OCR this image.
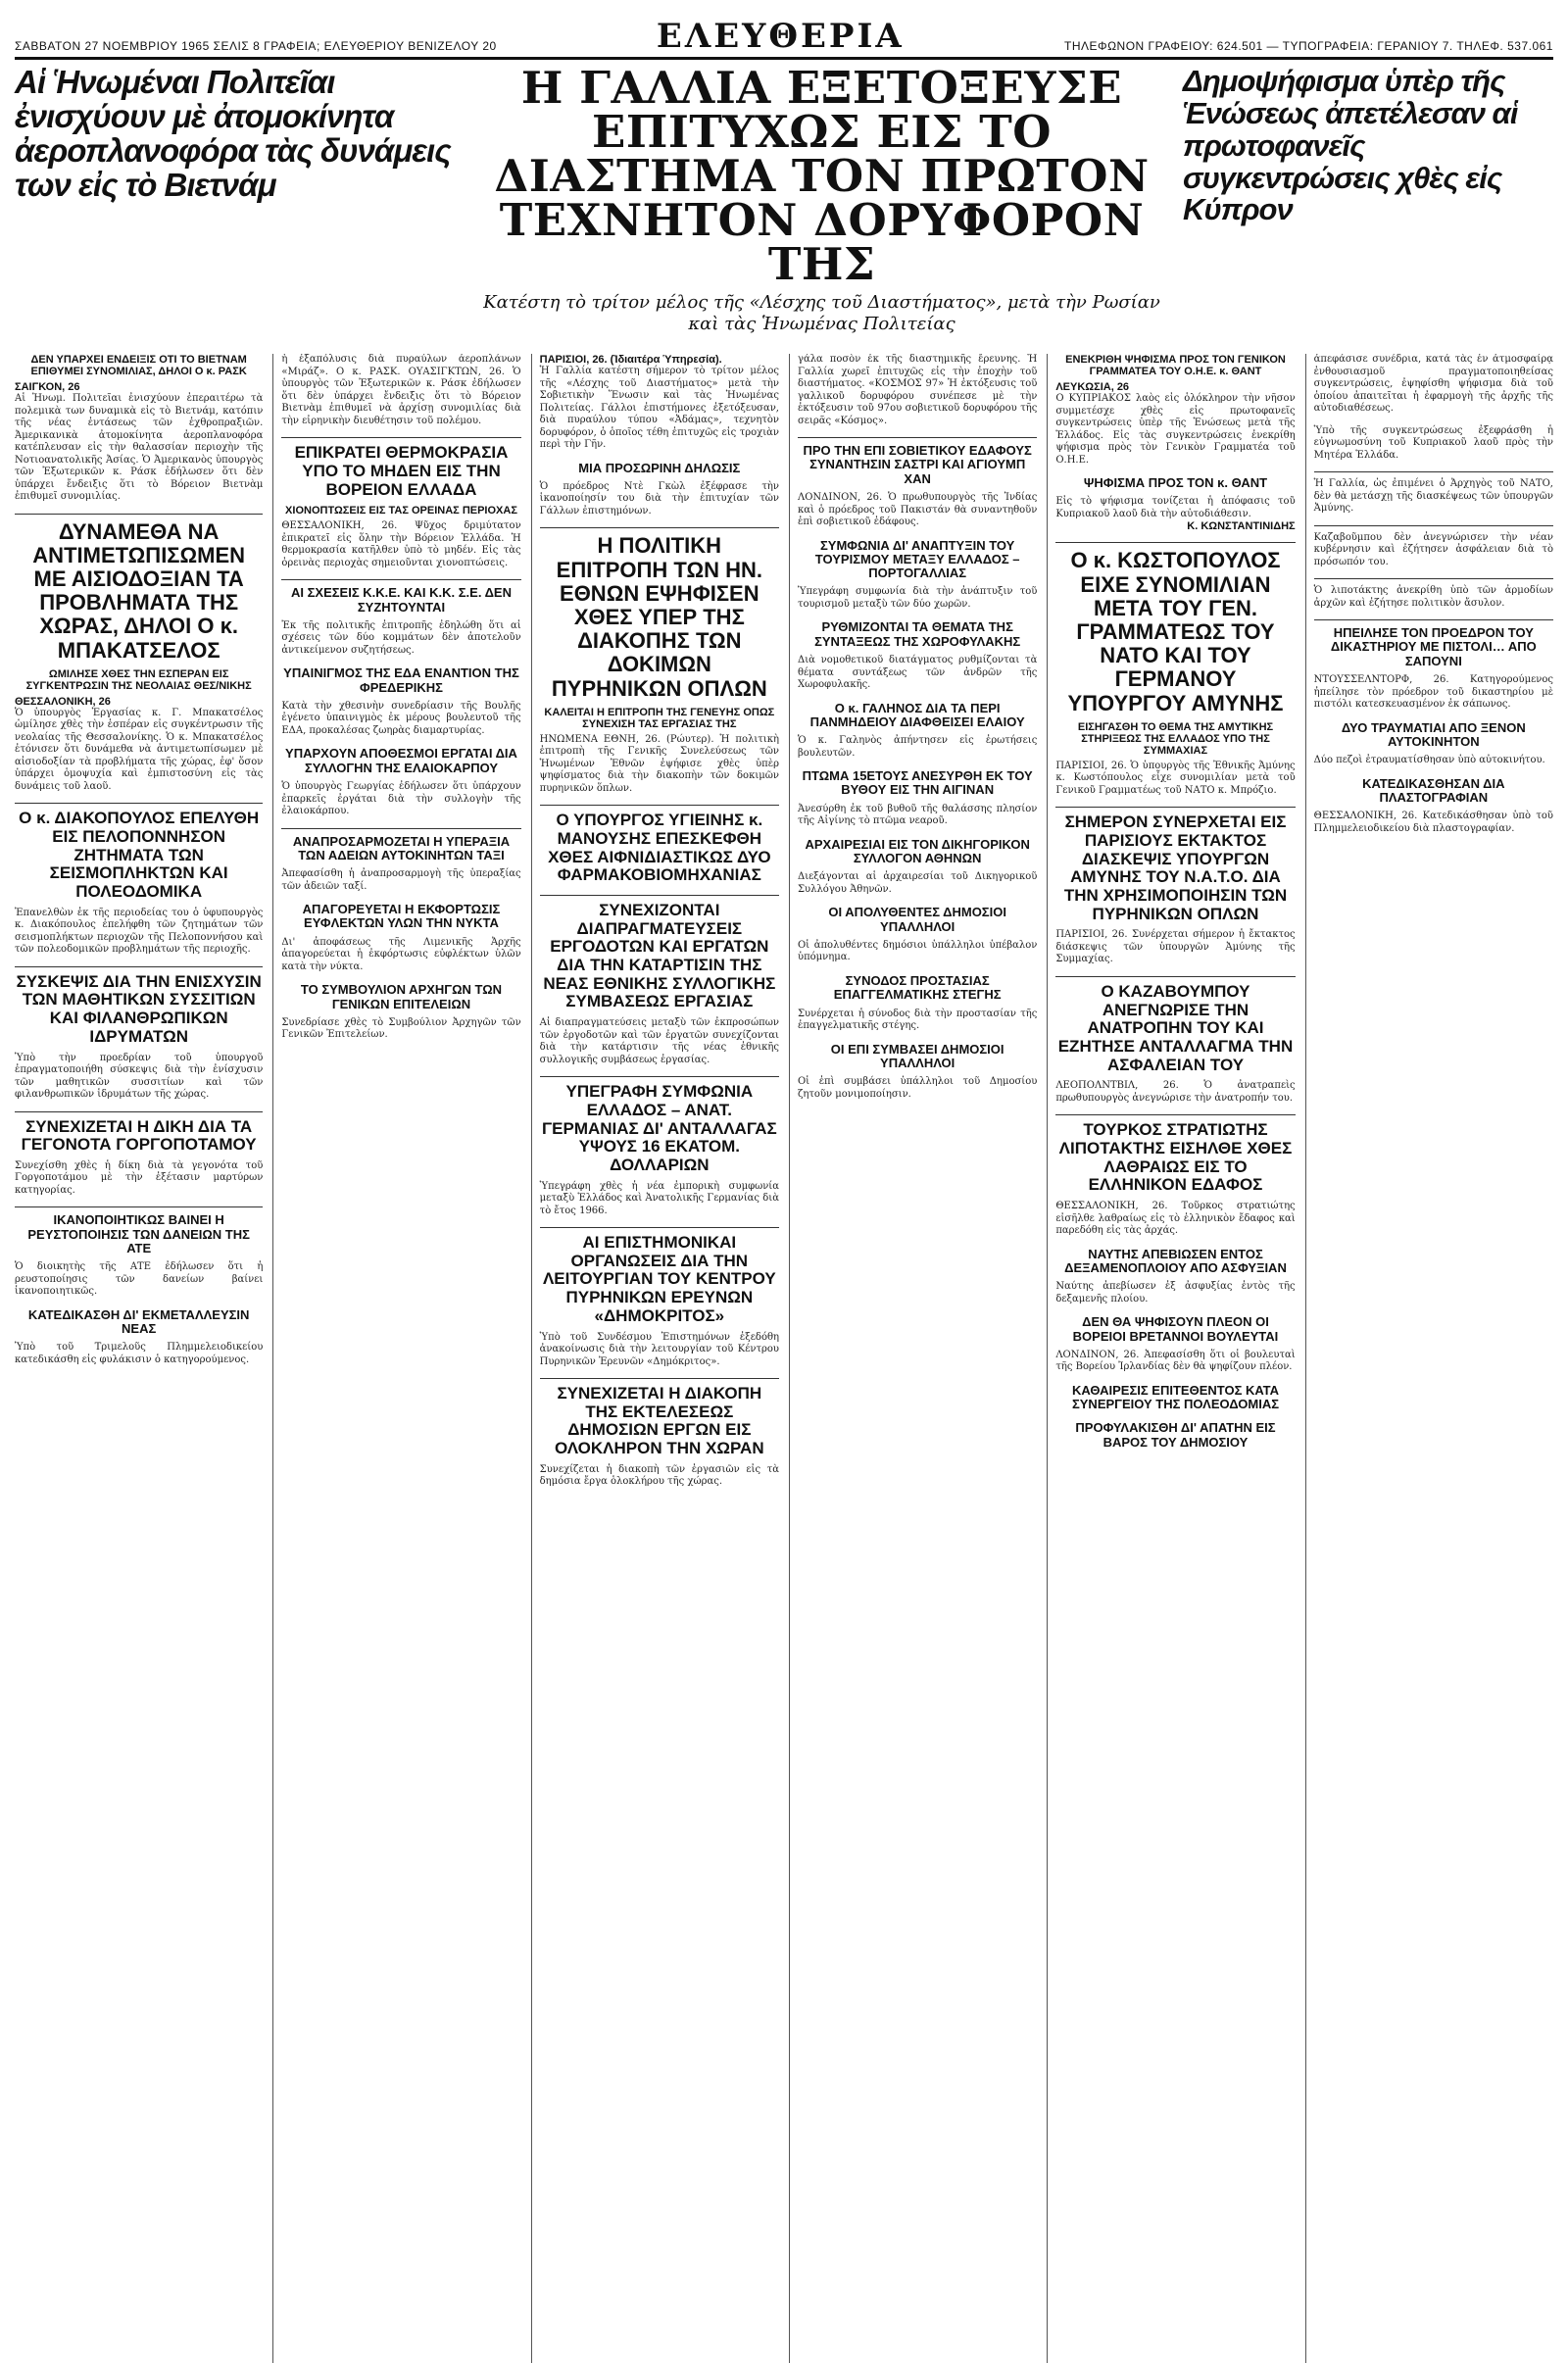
ΣΑΒΒΑΤΟΝ 27 ΝΟΕΜΒΡΙΟΥ 1965 ΣΕΛΙΣ 8 ΓΡΑΦΕΙΑ; ΕΛΕΥΘΕΡΙΟΥ ΒΕΝΙΖΕΛΟΥ 20	ΕΛΕΥΘΕΡΙΑ	ΤΗΛΕΦΩΝΟΝ ΓΡΑΦΕΙΟΥ: 624.501 — ΤΥΠΟΓΡΑΦΕΙΑ: ΓΕΡΑΝΙΟΥ 7. ΤΗΛΕΦ. 537.061
Αἱ Ἡνωμέναι Πολιτεῖαι ἐνισχύουν μὲ ἀτομοκίνητα ἀεροπλανοφόρα τὰς δυνάμεις των εἰς τὸ Βιετνάμ
Η ΓΑΛΛΙΑ ΕΞΕΤΟΞΕΥΣΕ ΕΠΙΤΥΧΩΣ ΕΙΣ ΤΟ ΔΙΑΣΤΗΜΑ ΤΟΝ ΠΡΩΤΟΝ ΤΕΧΝΗΤΟΝ ΔΟΡΥΦΟΡΟΝ ΤΗΣ
Κατέστη τὸ τρίτον μέλος τῆς «Λέσχης τοῦ Διαστήματος», μετὰ τὴν Ρωσίαν καὶ τὰς Ἡνωμένας Πολιτείας
Δημοψήφισμα ὑπὲρ τῆς Ἑνώσεως ἀπετέλεσαν αἱ πρωτοφανεῖς συγκεντρώσεις χθὲς εἰς Κύπρον
ΔΕΝ ΥΠΑΡΧΕΙ ΕΝΔΕΙΞΙΣ ΟΤΙ ΤΟ ΒΙΕΤΝΑΜ ΕΠΙΘΥΜΕΙ ΣΥΝΟΜΙΛΙΑΣ, ΔΗΛΟΙ Ο κ. ΡΑΣΚ
ΣΑΙΓΚΟΝ, 26
Αἱ Ἡνωμ. Πολιτεῖαι ἐνισχύουν ἐπεραιτέρω τὰ πολεμικὰ των δυναμικὰ εἰς τὸ Βιετνάμ, κατόπιν τῆς νέας ἐντάσεως τῶν ἐχθροπραξιῶν. Ἀμερικανικὰ ἀτομοκίνητα ἀεροπλανοφόρα κατέπλευσαν εἰς τὴν θαλασσίαν περιοχὴν τῆς Νοτιοανατολικῆς Ἀσίας. Ὁ Ἀμερικανὸς ὑπουργὸς τῶν Ἐξωτερικῶν κ. Ράσκ ἐδήλωσεν ὅτι δὲν ὑπάρχει ἔνδειξις ὅτι τὸ Βόρειον Βιετνὰμ ἐπιθυμεῖ συνομιλίας.
ΔΥΝΑΜΕΘΑ ΝΑ ΑΝΤΙΜΕΤΩΠΙΣΩΜΕΝ ΜΕ ΑΙΣΙΟΔΟΞΙΑΝ ΤΑ ΠΡΟΒΛΗΜΑΤΑ ΤΗΣ ΧΩΡΑΣ, ΔΗΛΟΙ Ο κ. ΜΠΑΚΑΤΣΕΛΟΣ
ΩΜΙΛΗΣΕ ΧΘΕΣ ΤΗΝ ΕΣΠΕΡΑΝ ΕΙΣ ΣΥΓΚΕΝΤΡΩΣΙΝ ΤΗΣ ΝΕΟΛΑΙΑΣ ΘΕΣ/ΝΙΚΗΣ
ΘΕΣΣΑΛΟΝΙΚΗ, 26
Ὁ ὑπουργὸς Ἐργασίας κ. Γ. Μπακατσέλος ὡμίλησε χθὲς τὴν ἑσπέραν εἰς συγκέντρωσιν τῆς νεολαίας τῆς Θεσσαλονίκης. Ὁ κ. Μπακατσέλος ἐτόνισεν ὅτι δυνάμεθα νὰ ἀντιμετωπίσωμεν μὲ αἰσιοδοξίαν τὰ προβλήματα τῆς χώρας, ἐφ' ὅσον ὑπάρχει ὁμοψυχία καὶ ἐμπιστοσύνη εἰς τὰς δυνάμεις τοῦ λαοῦ.
Ο κ. ΔΙΑΚΟΠΟΥΛΟΣ ΕΠΕΛΥΘΗ ΕΙΣ ΠΕΛΟΠΟΝΝΗΣΟΝ ΖΗΤΗΜΑΤΑ ΤΩΝ ΣΕΙΣΜΟΠΛΗΚΤΩΝ ΚΑΙ ΠΟΛΕΟΔΟΜΙΚΑ
Ἐπανελθὼν ἐκ τῆς περιοδείας του ὁ ὑφυπουργὸς κ. Διακόπουλος ἐπελήφθη τῶν ζητημάτων τῶν σεισμοπλήκτων περιοχῶν τῆς Πελοποννήσου καὶ τῶν πολεοδομικῶν προβλημάτων τῆς περιοχῆς.
ΣΥΣΚΕΨΙΣ ΔΙΑ ΤΗΝ ΕΝΙΣΧΥΣΙΝ ΤΩΝ ΜΑΘΗΤΙΚΩΝ ΣΥΣΣΙΤΙΩΝ ΚΑΙ ΦΙΛΑΝΘΡΩΠΙΚΩΝ ΙΔΡΥΜΑΤΩΝ
Ὑπὸ τὴν προεδρίαν τοῦ ὑπουργοῦ ἐπραγματοποιήθη σύσκεψις διὰ τὴν ἐνίσχυσιν τῶν μαθητικῶν συσσιτίων καὶ τῶν φιλανθρωπικῶν ἱδρυμάτων τῆς χώρας.
ΣΥΝΕΧΙΖΕΤΑΙ Η ΔΙΚΗ ΔΙΑ ΤΑ ΓΕΓΟΝΟΤΑ ΓΟΡΓΟΠΟΤΑΜΟΥ
Συνεχίσθη χθὲς ἡ δίκη διὰ τὰ γεγονότα τοῦ Γοργοποτάμου μὲ τὴν ἐξέτασιν μαρτύρων κατηγορίας.
ΙΚΑΝΟΠΟΙΗΤΙΚΩΣ ΒΑΙΝΕΙ Η ΡΕΥΣΤΟΠΟΙΗΣΙΣ ΤΩΝ ΔΑΝΕΙΩΝ ΤΗΣ ΑΤΕ
Ὁ διοικητὴς τῆς ΑΤΕ ἐδήλωσεν ὅτι ἡ ρευστοποίησις τῶν δανείων βαίνει ἱκανοποιητικῶς.
ΚΑΤΕΔΙΚΑΣΘΗ ΔΙ' ΕΚΜΕΤΑΛΛΕΥΣΙΝ ΝΕΑΣ
Ὑπὸ τοῦ Τριμελοῦς Πλημμελειοδικείου κατεδικάσθη εἰς φυλάκισιν ὁ κατηγορούμενος.
ἡ ἐξαπόλυσις διὰ πυραύλων ἀεροπλάνων «Μιράζ». Ο κ. ΡΑΣΚ. ΟΥΑΣΙΓΚΤΩΝ, 26. Ὁ ὑπουργὸς τῶν Ἐξωτερικῶν κ. Ράσκ ἐδήλωσεν ὅτι δὲν ὑπάρχει ἔνδειξις ὅτι τὸ Βόρειον Βιετνὰμ ἐπιθυμεῖ νὰ ἀρχίσῃ συνομιλίας διὰ τὴν εἰρηνικὴν διευθέτησιν τοῦ πολέμου.
ΕΠΙΚΡΑΤΕΙ ΘΕΡΜΟΚΡΑΣΙΑ ΥΠΟ ΤΟ ΜΗΔΕΝ ΕΙΣ ΤΗΝ ΒΟΡΕΙΟΝ ΕΛΛΑΔΑ
ΧΙΟΝΟΠΤΩΣΕΙΣ ΕΙΣ ΤΑΣ ΟΡΕΙΝΑΣ ΠΕΡΙΟΧΑΣ
ΘΕΣΣΑΛΟΝΙΚΗ, 26. Ψῦχος δριμύτατον ἐπικρατεῖ εἰς ὅλην τὴν Βόρειον Ἑλλάδα. Ἡ θερμοκρασία κατῆλθεν ὑπὸ τὸ μηδέν. Εἰς τὰς ὀρεινὰς περιοχὰς σημειοῦνται χιονοπτώσεις.
ΑΙ ΣΧΕΣΕΙΣ Κ.Κ.Ε. ΚΑΙ Κ.Κ. Σ.Ε. ΔΕΝ ΣΥΖΗΤΟΥΝΤΑΙ
Ἐκ τῆς πολιτικῆς ἐπιτροπῆς ἐδηλώθη ὅτι αἱ σχέσεις τῶν δύο κομμάτων δὲν ἀποτελοῦν ἀντικείμενον συζητήσεως.
ΥΠΑΙΝΙΓΜΟΣ ΤΗΣ ΕΔΑ ΕΝΑΝΤΙΟΝ ΤΗΣ ΦΡΕΔΕΡΙΚΗΣ
Κατὰ τὴν χθεσινὴν συνεδρίασιν τῆς Βουλῆς ἐγένετο ὑπαινιγμὸς ἐκ μέρους βουλευτοῦ τῆς ΕΔΑ, προκαλέσας ζωηρὰς διαμαρτυρίας.
ΥΠΑΡΧΟΥΝ ΑΠΟΘΕΣΜΟΙ ΕΡΓΑΤΑΙ ΔΙΑ ΣΥΛΛΟΓΗΝ ΤΗΣ ΕΛΑΙΟΚΑΡΠΟΥ
Ὁ ὑπουργὸς Γεωργίας ἐδήλωσεν ὅτι ὑπάρχουν ἐπαρκεῖς ἐργάται διὰ τὴν συλλογὴν τῆς ἐλαιοκάρπου.
ΑΝΑΠΡΟΣΑΡΜΟΖΕΤΑΙ Η ΥΠΕΡΑΞΙΑ ΤΩΝ ΑΔΕΙΩΝ ΑΥΤΟΚΙΝΗΤΩΝ ΤΑΞΙ
Ἀπεφασίσθη ἡ ἀναπροσαρμογὴ τῆς ὑπεραξίας τῶν ἀδειῶν ταξί.
ΑΠΑΓΟΡΕΥΕΤΑΙ Η ΕΚΦΟΡΤΩΣΙΣ ΕΥΦΛΕΚΤΩΝ ΥΛΩΝ ΤΗΝ ΝΥΚΤΑ
Δι' ἀποφάσεως τῆς Λιμενικῆς Ἀρχῆς ἀπαγορεύεται ἡ ἐκφόρτωσις εὐφλέκτων ὑλῶν κατὰ τὴν νύκτα.
ΤΟ ΣΥΜΒΟΥΛΙΟΝ ΑΡΧΗΓΩΝ ΤΩΝ ΓΕΝΙΚΩΝ ΕΠΙΤΕΛΕΙΩΝ
Συνεδρίασε χθὲς τὸ Συμβούλιον Ἀρχηγῶν τῶν Γενικῶν Ἐπιτελείων.
ΠΑΡΙΣΙΟΙ, 26. (Ἰδιαιτέρα Ὑπηρεσία).
Ἡ Γαλλία κατέστη σήμερον τὸ τρίτον μέλος τῆς «Λέσχης τοῦ Διαστήματος» μετὰ τὴν Σοβιετικὴν Ἕνωσιν καὶ τὰς Ἡνωμένας Πολιτείας. Γάλλοι ἐπιστήμονες ἐξετόξευσαν, διὰ πυραύλου τύπου «Ἀδάμας», τεχνητὸν δορυφόρον, ὁ ὁποῖος τέθη ἐπιτυχῶς εἰς τροχιὰν περὶ τὴν Γῆν.
ΜΙΑ ΠΡΟΣΩΡΙΝΗ ΔΗΛΩΣΙΣ
Ὁ πρόεδρος Ντὲ Γκὼλ ἐξέφρασε τὴν ἱκανοποίησίν του διὰ τὴν ἐπιτυχίαν τῶν Γάλλων ἐπιστημόνων.
Η ΠΟΛΙΤΙΚΗ ΕΠΙΤΡΟΠΗ ΤΩΝ ΗΝ. ΕΘΝΩΝ ΕΨΗΦΙΣΕΝ ΧΘΕΣ ΥΠΕΡ ΤΗΣ ΔΙΑΚΟΠΗΣ ΤΩΝ ΔΟΚΙΜΩΝ ΠΥΡΗΝΙΚΩΝ ΟΠΛΩΝ
ΚΑΛΕΙΤΑΙ Η ΕΠΙΤΡΟΠΗ ΤΗΣ ΓΕΝΕΥΗΣ ΟΠΩΣ ΣΥΝΕΧΙΣΗ ΤΑΣ ΕΡΓΑΣΙΑΣ ΤΗΣ
ΗΝΩΜΕΝΑ ΕΘΝΗ, 26. (Ρώυτερ). Ἡ πολιτικὴ ἐπιτροπὴ τῆς Γενικῆς Συνελεύσεως τῶν Ἡνωμένων Ἐθνῶν ἐψήφισε χθὲς ὑπὲρ ψηφίσματος διὰ τὴν διακοπὴν τῶν δοκιμῶν πυρηνικῶν ὅπλων.
Ο ΥΠΟΥΡΓΟΣ ΥΓΙΕΙΝΗΣ κ. ΜΑΝΟΥΣΗΣ ΕΠΕΣΚΕΦΘΗ ΧΘΕΣ ΑΙΦΝΙΔΙΑΣΤΙΚΩΣ ΔΥΟ ΦΑΡΜΑΚΟΒΙΟΜΗΧΑΝΙΑΣ
ΣΥΝΕΧΙΖΟΝΤΑΙ ΔΙΑΠΡΑΓΜΑΤΕΥΣΕΙΣ ΕΡΓΟΔΟΤΩΝ ΚΑΙ ΕΡΓΑΤΩΝ ΔΙΑ ΤΗΝ ΚΑΤΑΡΤΙΣΙΝ ΤΗΣ ΝΕΑΣ ΕΘΝΙΚΗΣ ΣΥΛΛΟΓΙΚΗΣ ΣΥΜΒΑΣΕΩΣ ΕΡΓΑΣΙΑΣ
Αἱ διαπραγματεύσεις μεταξὺ τῶν ἐκπροσώπων τῶν ἐργοδοτῶν καὶ τῶν ἐργατῶν συνεχίζονται διὰ τὴν κατάρτισιν τῆς νέας ἐθνικῆς συλλογικῆς συμβάσεως ἐργασίας.
ΥΠΕΓΡΑΦΗ ΣΥΜΦΩΝΙΑ ΕΛΛΑΔΟΣ – ΑΝΑΤ. ΓΕΡΜΑΝΙΑΣ ΔΙ' ΑΝΤΑΛΛΑΓΑΣ ΥΨΟΥΣ 16 ΕΚΑΤΟΜ. ΔΟΛΛΑΡΙΩΝ
Ὑπεγράφη χθὲς ἡ νέα ἐμπορικὴ συμφωνία μεταξὺ Ἑλλάδος καὶ Ἀνατολικῆς Γερμανίας διὰ τὸ ἔτος 1966.
ΑΙ ΕΠΙΣΤΗΜΟΝΙΚΑΙ ΟΡΓΑΝΩΣΕΙΣ ΔΙΑ ΤΗΝ ΛΕΙΤΟΥΡΓΙΑΝ ΤΟΥ ΚΕΝΤΡΟΥ ΠΥΡΗΝΙΚΩΝ ΕΡΕΥΝΩΝ «ΔΗΜΟΚΡΙΤΟΣ»
Ὑπὸ τοῦ Συνδέσμου Ἐπιστημόνων ἐξεδόθη ἀνακοίνωσις διὰ τὴν λειτουργίαν τοῦ Κέντρου Πυρηνικῶν Ἐρευνῶν «Δημόκριτος».
ΣΥΝΕΧΙΖΕΤΑΙ Η ΔΙΑΚΟΠΗ ΤΗΣ ΕΚΤΕΛΕΣΕΩΣ ΔΗΜΟΣΙΩΝ ΕΡΓΩΝ ΕΙΣ ΟΛΟΚΛΗΡΟΝ ΤΗΝ ΧΩΡΑΝ
Συνεχίζεται ἡ διακοπὴ τῶν ἐργασιῶν εἰς τὰ δημόσια ἔργα ὁλοκλήρου τῆς χώρας.
γάλα ποσὸν ἐκ τῆς διαστημικῆς ἔρευνης. Ἡ Γαλλία χωρεῖ ἐπιτυχῶς εἰς τὴν ἐποχὴν τοῦ διαστήματος. «ΚΟΣΜΟΣ 97» Ἡ ἐκτόξευσις τοῦ γαλλικοῦ δορυφόρου συνέπεσε μὲ τὴν ἐκτόξευσιν τοῦ 97ου σοβιετικοῦ δορυφόρου τῆς σειρᾶς «Κόσμος».
ΠΡΟ ΤΗΝ ΕΠΙ ΣΟΒΙΕΤΙΚΟΥ ΕΔΑΦΟΥΣ ΣΥΝΑΝΤΗΣΙΝ ΣΑΣΤΡΙ ΚΑΙ ΑΓΙΟΥΜΠ ΧΑΝ
ΛΟΝΔΙΝΟΝ, 26. Ὁ πρωθυπουργὸς τῆς Ἰνδίας καὶ ὁ πρόεδρος τοῦ Πακιστάν θὰ συναντηθοῦν ἐπὶ σοβιετικοῦ ἐδάφους.
ΣΥΜΦΩΝΙΑ ΔΙ' ΑΝΑΠΤΥΞΙΝ ΤΟΥ ΤΟΥΡΙΣΜΟΥ ΜΕΤΑΞΥ ΕΛΛΑΔΟΣ – ΠΟΡΤΟΓΑΛΛΙΑΣ
Ὑπεγράφη συμφωνία διὰ τὴν ἀνάπτυξιν τοῦ τουρισμοῦ μεταξὺ τῶν δύο χωρῶν.
ΡΥΘΜΙΖΟΝΤΑΙ ΤΑ ΘΕΜΑΤΑ ΤΗΣ ΣΥΝΤΑΞΕΩΣ ΤΗΣ ΧΩΡΟΦΥΛΑΚΗΣ
Διὰ νομοθετικοῦ διατάγματος ρυθμίζονται τὰ θέματα συντάξεως τῶν ἀνδρῶν τῆς Χωροφυλακῆς.
Ο κ. ΓΑΛΗΝΟΣ ΔΙΑ ΤΑ ΠΕΡΙ ΠΑΝΜΗΔΕΙΟΥ ΔΙΑΦΘΕΙΣΕΙ ΕΛΑΙΟΥ
Ὁ κ. Γαληνὸς ἀπήντησεν εἰς ἐρωτήσεις βουλευτῶν.
ΠΤΩΜΑ 15ΕΤΟΥΣ ΑΝΕΣΥΡΘΗ ΕΚ ΤΟΥ ΒΥΘΟΥ ΕΙΣ ΤΗΝ ΑΙΓΙΝΑΝ
Ἀνεσύρθη ἐκ τοῦ βυθοῦ τῆς θαλάσσης πλησίον τῆς Αἰγίνης τὸ πτῶμα νεαροῦ.
ΑΡΧΑΙΡΕΣΙΑΙ ΕΙΣ ΤΟΝ ΔΙΚΗΓΟΡΙΚΟΝ ΣΥΛΛΟΓΟΝ ΑΘΗΝΩΝ
Διεξάγονται αἱ ἀρχαιρεσίαι τοῦ Δικηγορικοῦ Συλλόγου Ἀθηνῶν.
ΟΙ ΑΠΟΛΥΘΕΝΤΕΣ ΔΗΜΟΣΙΟΙ ΥΠΑΛΛΗΛΟΙ
Οἱ ἀπολυθέντες δημόσιοι ὑπάλληλοι ὑπέβαλον ὑπόμνημα.
ΣΥΝΟΔΟΣ ΠΡΟΣΤΑΣΙΑΣ ΕΠΑΓΓΕΛΜΑΤΙΚΗΣ ΣΤΕΓΗΣ
Συνέρχεται ἡ σύνοδος διὰ τὴν προστασίαν τῆς ἐπαγγελματικῆς στέγης.
ΟΙ ΕΠΙ ΣΥΜΒΑΣΕΙ ΔΗΜΟΣΙΟΙ ΥΠΑΛΛΗΛΟΙ
Οἱ ἐπὶ συμβάσει ὑπάλληλοι τοῦ Δημοσίου ζητοῦν μονιμοποίησιν.
ΕΝΕΚΡΙΘΗ ΨΗΦΙΣΜΑ ΠΡΟΣ ΤΟΝ ΓΕΝΙΚΟΝ ΓΡΑΜΜΑΤΕΑ ΤΟΥ Ο.Η.Ε. κ. ΘΑΝΤ
ΛΕΥΚΩΣΙΑ, 26
Ο ΚΥΠΡΙΑΚΟΣ λαὸς εἰς ὁλόκληρον τὴν νῆσον συμμετέσχε χθὲς εἰς πρωτοφανεῖς συγκεντρώσεις ὑπὲρ τῆς Ἑνώσεως μετὰ τῆς Ἑλλάδος. Εἰς τὰς συγκεντρώσεις ἐνεκρίθη ψήφισμα πρὸς τὸν Γενικὸν Γραμματέα τοῦ Ο.Η.Ε.
ΨΗΦΙΣΜΑ ΠΡΟΣ ΤΟΝ κ. ΘΑΝΤ
Εἰς τὸ ψήφισμα τονίζεται ἡ ἀπόφασις τοῦ Κυπριακοῦ λαοῦ διὰ τὴν αὐτοδιάθεσιν.
Κ. ΚΩΝΣΤΑΝΤΙΝΙΔΗΣ
Ο κ. ΚΩΣΤΟΠΟΥΛΟΣ ΕΙΧΕ ΣΥΝΟΜΙΛΙΑΝ ΜΕΤΑ ΤΟΥ ΓΕΝ. ΓΡΑΜΜΑΤΕΩΣ ΤΟΥ ΝΑΤΟ ΚΑΙ ΤΟΥ ΓΕΡΜΑΝΟΥ ΥΠΟΥΡΓΟΥ ΑΜΥΝΗΣ
ΕΙΣΗΓΑΣΘΗ ΤΟ ΘΕΜΑ ΤΗΣ ΑΜΥΤΙΚΗΣ ΣΤΗΡΙΞΕΩΣ ΤΗΣ ΕΛΛΑΔΟΣ ΥΠΟ ΤΗΣ ΣΥΜΜΑΧΙΑΣ
ΠΑΡΙΣΙΟΙ, 26. Ὁ ὑπουργὸς τῆς Ἐθνικῆς Ἀμύνης κ. Κωστόπουλος εἶχε συνομιλίαν μετὰ τοῦ Γενικοῦ Γραμματέως τοῦ ΝΑΤΟ κ. Μπρόζιο.
ΣΗΜΕΡΟΝ ΣΥΝΕΡΧΕΤΑΙ ΕΙΣ ΠΑΡΙΣΙΟΥΣ ΕΚΤΑΚΤΟΣ ΔΙΑΣΚΕΨΙΣ ΥΠΟΥΡΓΩΝ ΑΜΥΝΗΣ ΤΟΥ Ν.Α.Τ.Ο. ΔΙΑ ΤΗΝ ΧΡΗΣΙΜΟΠΟΙΗΣΙΝ ΤΩΝ ΠΥΡΗΝΙΚΩΝ ΟΠΛΩΝ
ΠΑΡΙΣΙΟΙ, 26. Συνέρχεται σήμερον ἡ ἔκτακτος διάσκεψις τῶν ὑπουργῶν Ἀμύνης τῆς Συμμαχίας.
Ο ΚΑΖΑΒΟΥΜΠΟΥ ΑΝΕΓΝΩΡΙΣΕ ΤΗΝ ΑΝΑΤΡΟΠΗΝ ΤΟΥ ΚΑΙ ΕΖΗΤΗΣΕ ΑΝΤΑΛΛΑΓΜΑ ΤΗΝ ΑΣΦΑΛΕΙΑΝ ΤΟΥ
ΛΕΟΠΟΛΝΤΒΙΛ, 26. Ὁ ἀνατραπεὶς πρωθυπουργὸς ἀνεγνώρισε τὴν ἀνατροπήν του.
ΤΟΥΡΚΟΣ ΣΤΡΑΤΙΩΤΗΣ ΛΙΠΟΤΑΚΤΗΣ ΕΙΣΗΛΘΕ ΧΘΕΣ ΛΑΘΡΑΙΩΣ ΕΙΣ ΤΟ ΕΛΛΗΝΙΚΟΝ ΕΔΑΦΟΣ
ΘΕΣΣΑΛΟΝΙΚΗ, 26. Τοῦρκος στρατιώτης εἰσῆλθε λαθραίως εἰς τὸ ἑλληνικὸν ἔδαφος καὶ παρεδόθη εἰς τὰς ἀρχάς.
ΝΑΥΤΗΣ ΑΠΕΒΙΩΣΕΝ ΕΝΤΟΣ ΔΕΞΑΜΕΝΟΠΛΟΙΟΥ ΑΠΟ ΑΣΦΥΞΙΑΝ
Ναύτης ἀπεβίωσεν ἐξ ἀσφυξίας ἐντὸς τῆς δεξαμενῆς πλοίου.
ΔΕΝ ΘΑ ΨΗΦΙΣΟΥΝ ΠΛΕΟΝ ΟΙ ΒΟΡΕΙΟΙ ΒΡΕΤΑΝΝΟΙ ΒΟΥΛΕΥΤΑΙ
ΛΟΝΔΙΝΟΝ, 26. Ἀπεφασίσθη ὅτι οἱ βουλευταὶ τῆς Βορείου Ἰρλανδίας δὲν θὰ ψηφίζουν πλέον.
ΚΑΘΑΙΡΕΣΙΣ ΕΠΙΤΕΘΕΝΤΟΣ ΚΑΤΑ ΣΥΝΕΡΓΕΙΟΥ ΤΗΣ ΠΟΛΕΟΔΟΜΙΑΣ
ΠΡΟΦΥΛΑΚΙΣΘΗ ΔΙ' ΑΠΑΤΗΝ ΕΙΣ ΒΑΡΟΣ ΤΟΥ ΔΗΜΟΣΙΟΥ
ἀπεφάσισε συνέδρια, κατά τὰς ἐν ἀτμοσφαίρᾳ ἐνθουσιασμοῦ πραγματοποιηθείσας συγκεντρώσεις, ἐψηφίσθη ψήφισμα διὰ τοῦ ὁποίου ἀπαιτεῖται ἡ ἐφαρμογὴ τῆς ἀρχῆς τῆς αὐτοδιαθέσεως.
Ὑπὸ τῆς συγκεντρώσεως ἐξεφράσθη ἡ εὐγνωμοσύνη τοῦ Κυπριακοῦ λαοῦ πρὸς τὴν Μητέρα Ἑλλάδα.
Ἡ Γαλλία, ὡς ἐπιμένει ὁ Ἀρχηγὸς τοῦ ΝΑΤΟ, δὲν θὰ μετάσχῃ τῆς διασκέψεως τῶν ὑπουργῶν Ἀμύνης.
Καζαβοῦμπου δὲν ἀνεγνώρισεν τὴν νέαν κυβέρνησιν καὶ ἐζήτησεν ἀσφάλειαν διὰ τὸ πρόσωπόν του.
Ὁ λιποτάκτης ἀνεκρίθη ὑπὸ τῶν ἀρμοδίων ἀρχῶν καὶ ἐζήτησε πολιτικὸν ἄσυλον.
ΗΠΕΙΛΗΣΕ ΤΟΝ ΠΡΟΕΔΡΟΝ ΤΟΥ ΔΙΚΑΣΤΗΡΙΟΥ ΜΕ ΠΙΣΤΟΛΙ… ΑΠΟ ΣΑΠΟΥΝΙ
ΝΤΟΥΣΣΕΛΝΤΟΡΦ, 26. Κατηγορούμενος ἠπείλησε τὸν πρόεδρον τοῦ δικαστηρίου μὲ πιστόλι κατεσκευασμένον ἐκ σάπωνος.
ΔΥΟ ΤΡΑΥΜΑΤΙΑΙ ΑΠΟ ΞΕΝΟΝ ΑΥΤΟΚΙΝΗΤΟΝ
Δύο πεζοὶ ἐτραυματίσθησαν ὑπὸ αὐτοκινήτου.
ΚΑΤΕΔΙΚΑΣΘΗΣΑΝ ΔΙΑ ΠΛΑΣΤΟΓΡΑΦΙΑΝ
ΘΕΣΣΑΛΟΝΙΚΗ, 26. Κατεδικάσθησαν ὑπὸ τοῦ Πλημμελειοδικείου διὰ πλαστογραφίαν.
